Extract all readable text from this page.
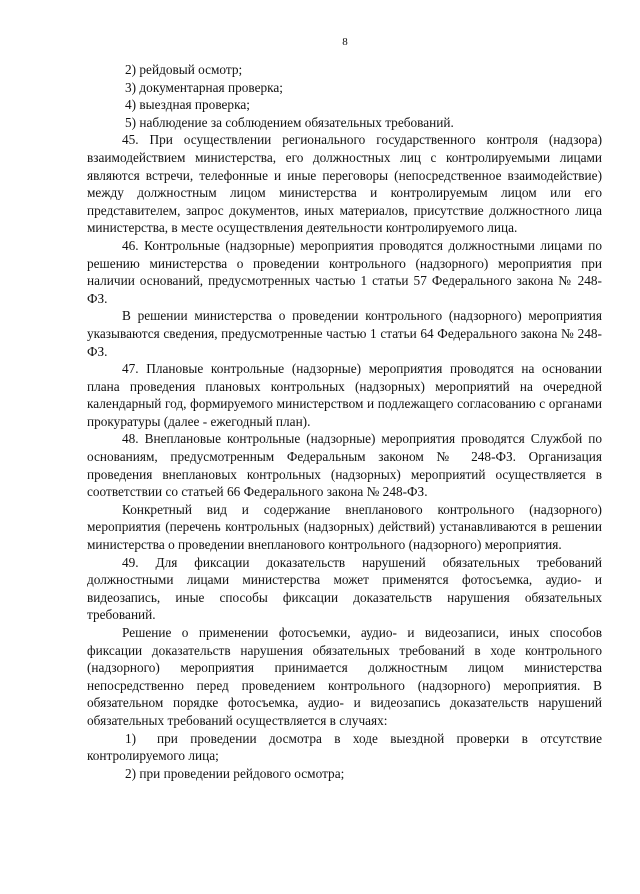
8

2) рейдовый осмотр;

3) документарная проверка;

4) выездная проверка;

5) наблюдение за соблюдением обязательных требований.

45. При осуществлении регионального государственного контроля (надзора) взаимодействием министерства, его должностных лиц с контролируемыми лицами являются встречи, телефонные и иные переговоры (непосредственное взаимодействие) между должностным лицом министерства и контролируемым лицом или его представителем, запрос документов, иных материалов, присутствие должностного лица министерства, в месте осуществления деятельности контролируемого лица.

46. Контрольные (надзорные) мероприятия проводятся должностными лицами по решению министерства о проведении контрольного (надзорного) мероприятия при наличии оснований, предусмотренных частью 1 статьи 57 Федерального закона № 248-ФЗ.

В решении министерства о проведении контрольного (надзорного) мероприятия указываются сведения, предусмотренные частью 1 статьи 64 Федерального закона № 248-ФЗ.

47. Плановые контрольные (надзорные) мероприятия проводятся на основании плана проведения плановых контрольных (надзорных) мероприятий на очередной календарный год, формируемого министерством и подлежащего согласованию с органами прокуратуры (далее - ежегодный план).

48. Внеплановые контрольные (надзорные) мероприятия проводятся Службой по основаниям, предусмотренным Федеральным законом № 248-ФЗ. Организация проведения внеплановых контрольных (надзорных) мероприятий осуществляется в соответствии со статьей 66 Федерального закона № 248-ФЗ.

Конкретный вид и содержание внепланового контрольного (надзорного) мероприятия (перечень контрольных (надзорных) действий) устанавливаются в решении министерства о проведении внепланового контрольного (надзорного) мероприятия.

49. Для фиксации доказательств нарушений обязательных требований должностными лицами министерства может применятся фотосъемка, аудио- и видеозапись, иные способы фиксации доказательств нарушения обязательных требований.

Решение о применении фотосъемки, аудио- и видеозаписи, иных способов фиксации доказательств нарушения обязательных требований в ходе контрольного (надзорного) мероприятия принимается должностным лицом министерства непосредственно перед проведением контрольного (надзорного) мероприятия. В обязательном порядке фотосъемка, аудио- и видеозапись доказательств нарушений обязательных требований осуществляется в случаях:

1) при проведении досмотра в ходе выездной проверки в отсутствие контролируемого лица;

2) при проведении рейдового осмотра;
